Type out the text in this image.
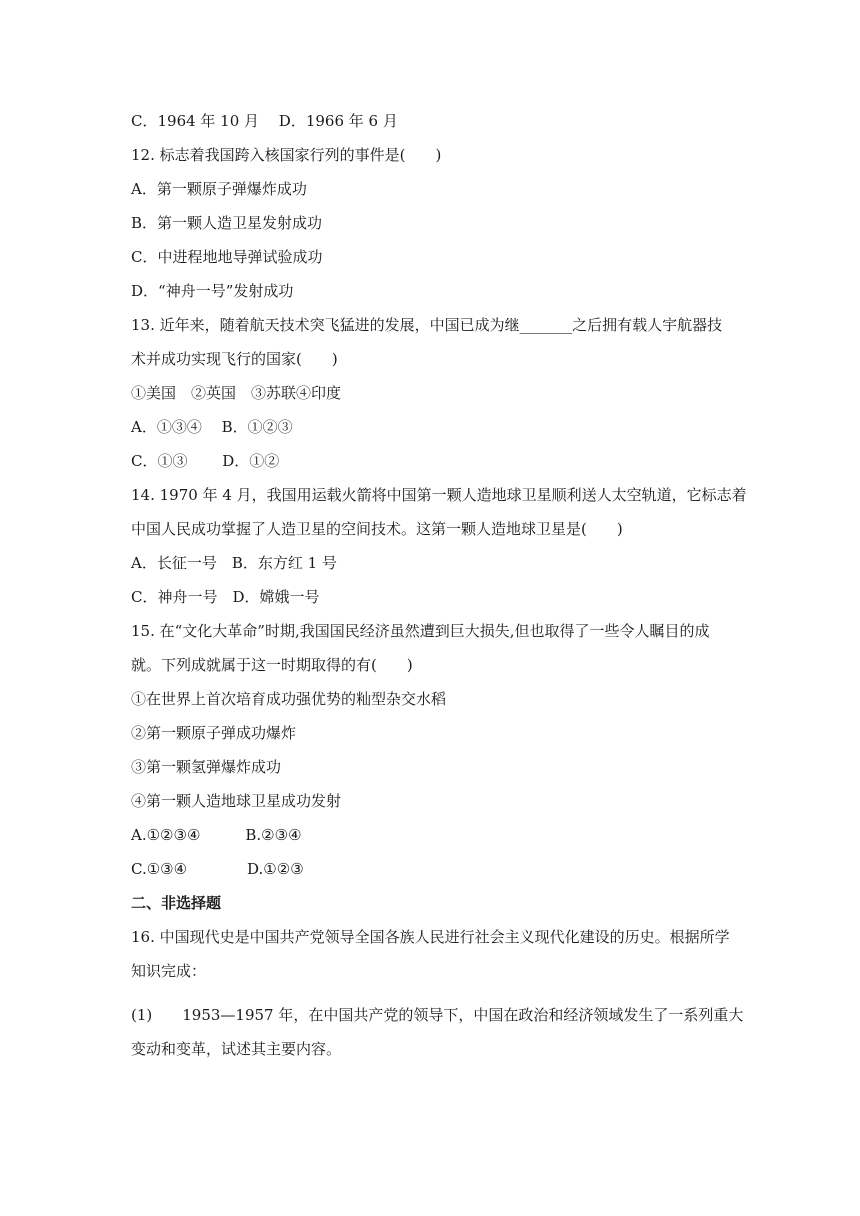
C．1964 年 10 月　 D．1966 年 6 月
12. 标志着我国跨入核国家行列的事件是(　　)
A．第一颗原子弹爆炸成功
B．第一颗人造卫星发射成功
C．中进程地地导弹试验成功
D．“神舟一号”发射成功
13. 近年来，随着航天技术突飞猛进的发展，中国已成为继_______之后拥有载人宇航器技
术并成功实现飞行的国家(　　)
①美国　②英国　③苏联④印度
A．①③④　 B．①②③
C．①③　　 D．①②
14. 1970 年 4 月，我国用运载火箭将中国第一颗人造地球卫星顺利送人太空轨道，它标志着
中国人民成功掌握了人造卫星的空间技术。这第一颗人造地球卫星是(　　)
A．长征一号　B．东方红 1 号
C．神舟一号　D．嫦娥一号
15. 在“文化大革命”时期,我国国民经济虽然遭到巨大损失,但也取得了一些令人瞩目的成
就。下列成就属于这一时期取得的有(　　)
①在世界上首次培育成功强优势的籼型杂交水稻
②第一颗原子弹成功爆炸
③第一颗氢弹爆炸成功
④第一颗人造地球卫星成功发射
A.①②③④　　　B.②③④
C.①③④　　　　D.①②③
二、非选择题
16. 中国现代史是中国共产党领导全国各族人民进行社会主义现代化建设的历史。根据所学
知识完成：
(1)　　1953—1957 年，在中国共产党的领导下，中国在政治和经济领域发生了一系列重大
变动和变革，试述其主要内容。
